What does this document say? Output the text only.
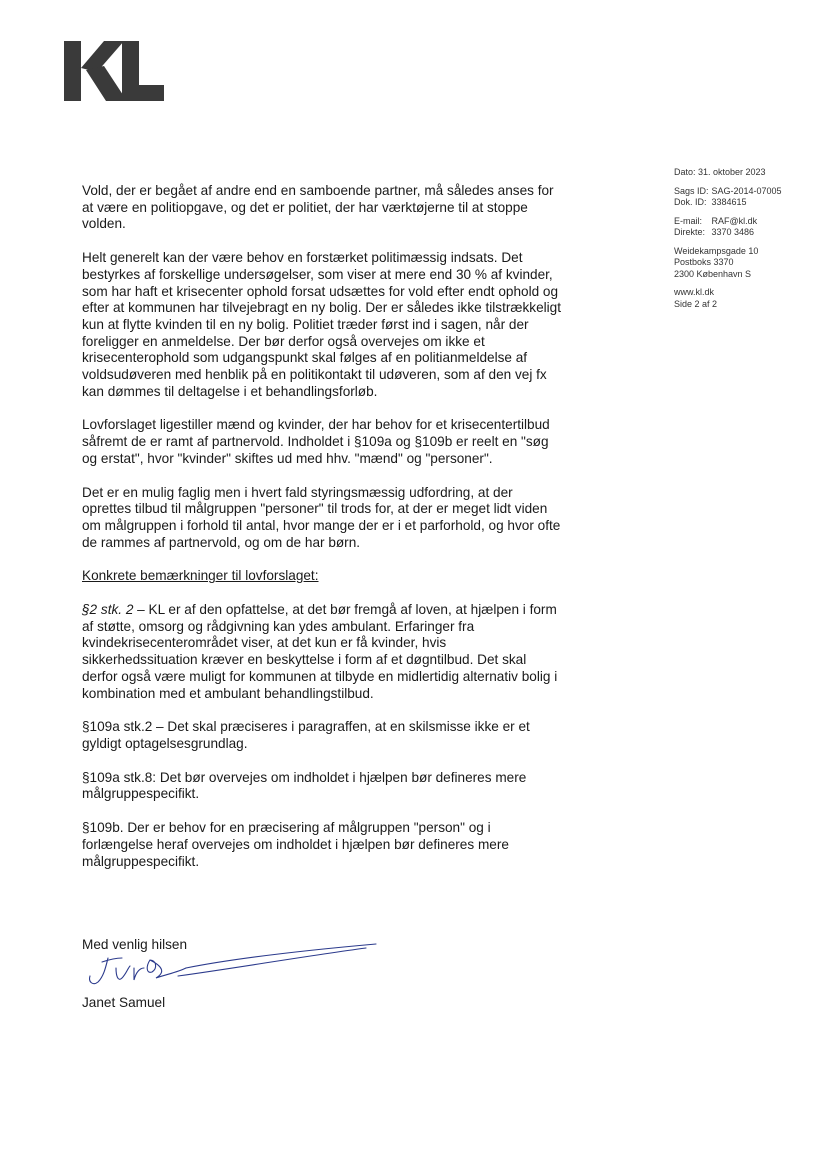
Dato: 31. oktober 2023
Sags ID: SAG-2014-07005
Dok. ID: 3384615
E-mail: RAF@kl.dk
Direkte: 3370 3486
Weidekampsgade 10
Postboks 3370
2300 København S
www.kl.dk
Side 2 af 2

Vold, der er begået af andre end en samboende partner, må således anses for at være en politiopgave, og det er politiet, der har værktøjerne til at stoppe volden.

Helt generelt kan der være behov en forstærket politimæssig indsats. Det bestyrkes af forskellige undersøgelser, som viser at mere end 30 % af kvinder, som har haft et krisecenter ophold forsat udsættes for vold efter endt ophold og efter at kommunen har tilvejebragt en ny bolig. Der er således ikke tilstrækkeligt kun at flytte kvinden til en ny bolig. Politiet træder først ind i sagen, når der foreligger en anmeldelse. Der bør derfor også overvejes om ikke et krisecenterophold som udgangspunkt skal følges af en politianmeldelse af voldsudøveren med henblik på en politikontakt til udøveren, som af den vej fx kan dømmes til deltagelse i et behandlingsforløb.

Lovforslaget ligestiller mænd og kvinder, der har behov for et krisecentertilbud såfremt de er ramt af partnervold. Indholdet i §109a og §109b er reelt en "søg og erstat", hvor "kvinder" skiftes ud med hhv. "mænd" og "personer".

Det er en mulig faglig men i hvert fald styringsmæssig udfordring, at der oprettes tilbud til målgruppen "personer" til trods for, at der er meget lidt viden om målgruppen i forhold til antal, hvor mange der er i et parforhold, og hvor ofte de rammes af partnervold, og om de har børn.

Konkrete bemærkninger til lovforslaget:

§2 stk. 2 – KL er af den opfattelse, at det bør fremgå af loven, at hjælpen i form af støtte, omsorg og rådgivning kan ydes ambulant. Erfaringer fra kvindekrisecenterområdet viser, at det kun er få kvinder, hvis sikkerhedssituation kræver en beskyttelse i form af et døgntilbud. Det skal derfor også være muligt for kommunen at tilbyde en midlertidig alternativ bolig i kombination med et ambulant behandlingstilbud.

§109a stk.2 – Det skal præciseres i paragraffen, at en skilsmisse ikke er et gyldigt optagelsesgrundlag.

§109a stk.8: Det bør overvejes om indholdet i hjælpen bør defineres mere målgruppespecifikt.

§109b. Der er behov for en præcisering af målgruppen "person" og i forlængelse heraf overvejes om indholdet i hjælpen bør defineres mere målgruppespecifikt.

Med venlig hilsen
Janet Samuel
